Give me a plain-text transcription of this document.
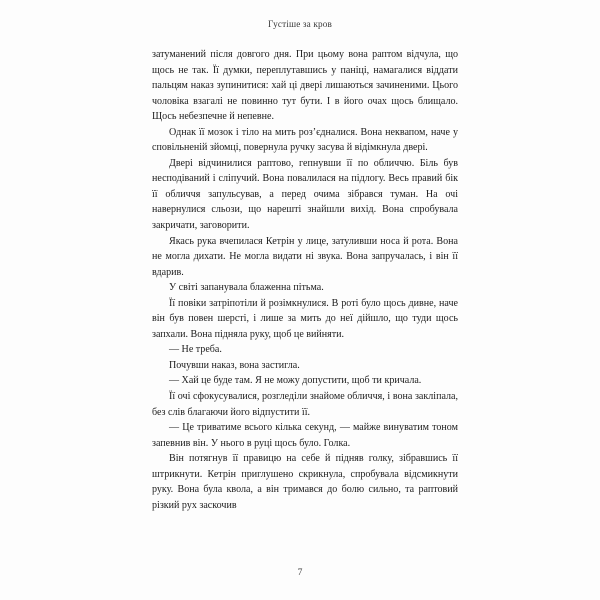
Густіше за кров

затуманений після довгого дня. При цьому вона раптом відчула, що щось не так. Її думки, переплутавшись у паніці, намагалися віддати пальцям наказ зупинитися: хай ці двері лишаються зачиненими. Цього чоловіка взагалі не повинно тут бути. І в його очах щось блищало. Щось небезпечне й непевне.

Однак її мозок і тіло на мить роз’єдналися. Вона неквапом, наче у сповільненій зйомці, повернула ручку засува й відімкнула двері.

Двері відчинилися раптово, гепнувши її по обличчю. Біль був несподіваний і сліпучий. Вона повалилася на підлогу. Весь правий бік її обличчя запульсував, а перед очима зібрався туман. На очі навернулися сльози, що нарешті знайшли вихід. Вона спробувала закричати, заговорити.

Якась рука вчепилася Кетрін у лице, затуливши носа й рота. Вона не могла дихати. Не могла видати ні звука. Вона запручалась, і він її вдарив.

У світі запанувала блаженна пітьма.

Її повіки затріпотіли й розімкнулися. В роті було щось дивне, наче він був повен шерсті, і лише за мить до неї дійшло, що туди щось запхали. Вона підняла руку, щоб це вийняти.

— Не треба.

Почувши наказ, вона застигла.

— Хай це буде там. Я не можу допустити, щоб ти кричала.

Її очі сфокусувалися, розгледіли знайоме обличчя, і вона закліпала, без слів благаючи його відпустити її.

— Це триватиме всього кілька секунд, — майже винуватим тоном запевнив він. У нього в руці щось було. Голка.

Він потягнув її правицю на себе й підняв голку, зібравшись її штрикнути. Кетрін приглушено скрикнула, спробувала відсмикнути руку. Вона була квола, а він тримався до болю сильно, та раптовий різкий рух заскочив

7
